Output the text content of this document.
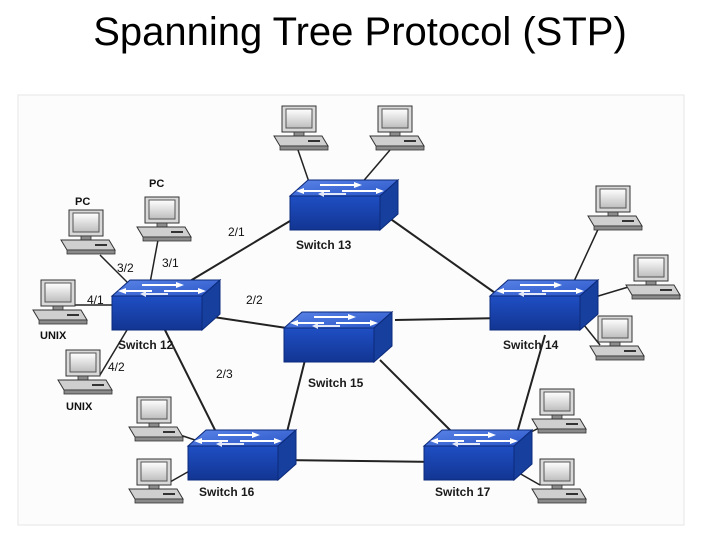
Spanning Tree Protocol (STP)
Switch 13
Switch 12	Switch 14
Switch 15
Switch 16	Switch 17
2/1
3/1
3/2
4/1
4/2
2/2
2/3
PC
PC
UNIX
UNIX
